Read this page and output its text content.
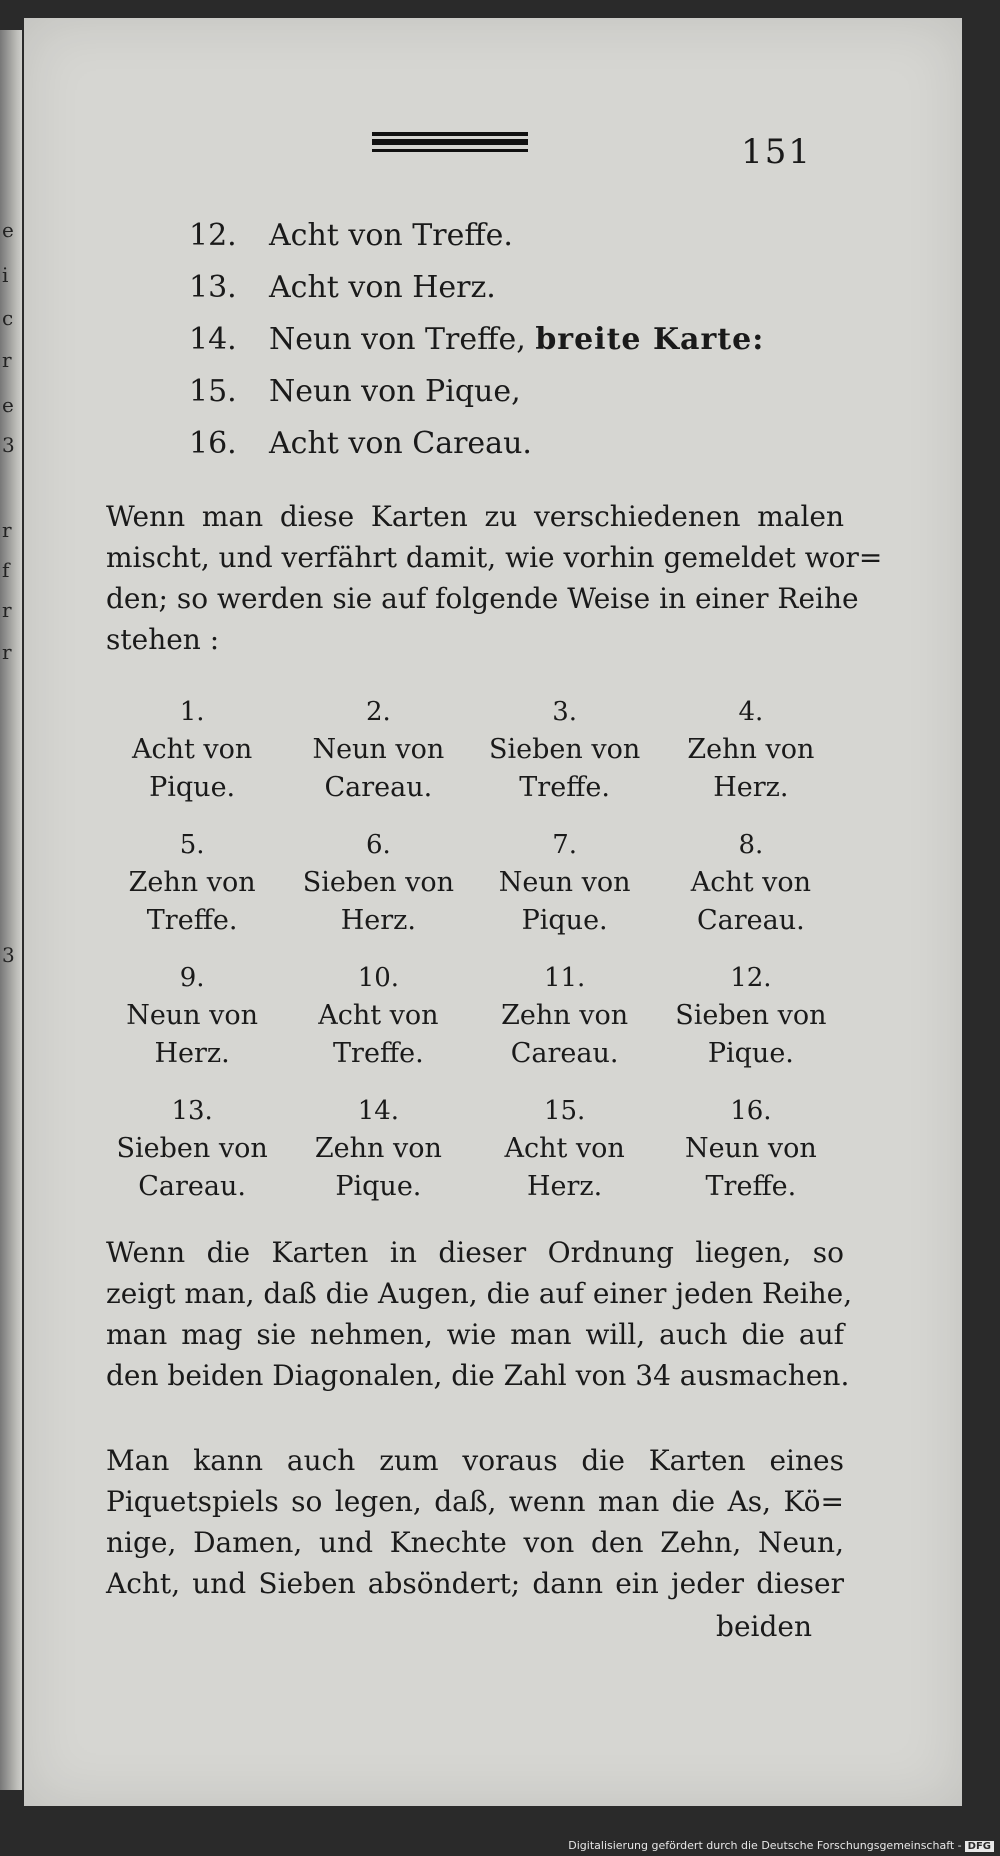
e
i
c
r
e
3
r
f
r
r
3
151
12. Acht von Treffe.
13. Acht von Herz.
14. Neun von Treffe, breite Karte:
15. Neun von Pique,
16. Acht von Careau.
Wenn man diese Karten zu verschiedenen malen
mischt, und verfährt damit, wie vorhin gemeldet wor=
den; so werden sie auf folgende Weise in einer Reihe
stehen :
1.
Acht von
Pique.
2.
Neun von
Careau.
3.
Sieben von
Treffe.
4.
Zehn von
Herz.
5.
Zehn von
Treffe.
6.
Sieben von
Herz.
7.
Neun von
Pique.
8.
Acht von
Careau.
9.
Neun von
Herz.
10.
Acht von
Treffe.
11.
Zehn von
Careau.
12.
Sieben von
Pique.
13.
Sieben von
Careau.
14.
Zehn von
Pique.
15.
Acht von
Herz.
16.
Neun von
Treffe.
Wenn die Karten in dieser Ordnung liegen, so
zeigt man, daß die Augen, die auf einer jeden Reihe,
man mag sie nehmen, wie man will, auch die auf
den beiden Diagonalen, die Zahl von 34 ausmachen.
Man kann auch zum voraus die Karten eines
Piquetspiels so legen, daß, wenn man die As, Kö=
nige, Damen, und Knechte von den Zehn, Neun,
Acht, und Sieben absöndert; dann ein jeder dieser
beiden
Digitalisierung gefördert durch die Deutsche Forschungsgemeinschaft - DFG
